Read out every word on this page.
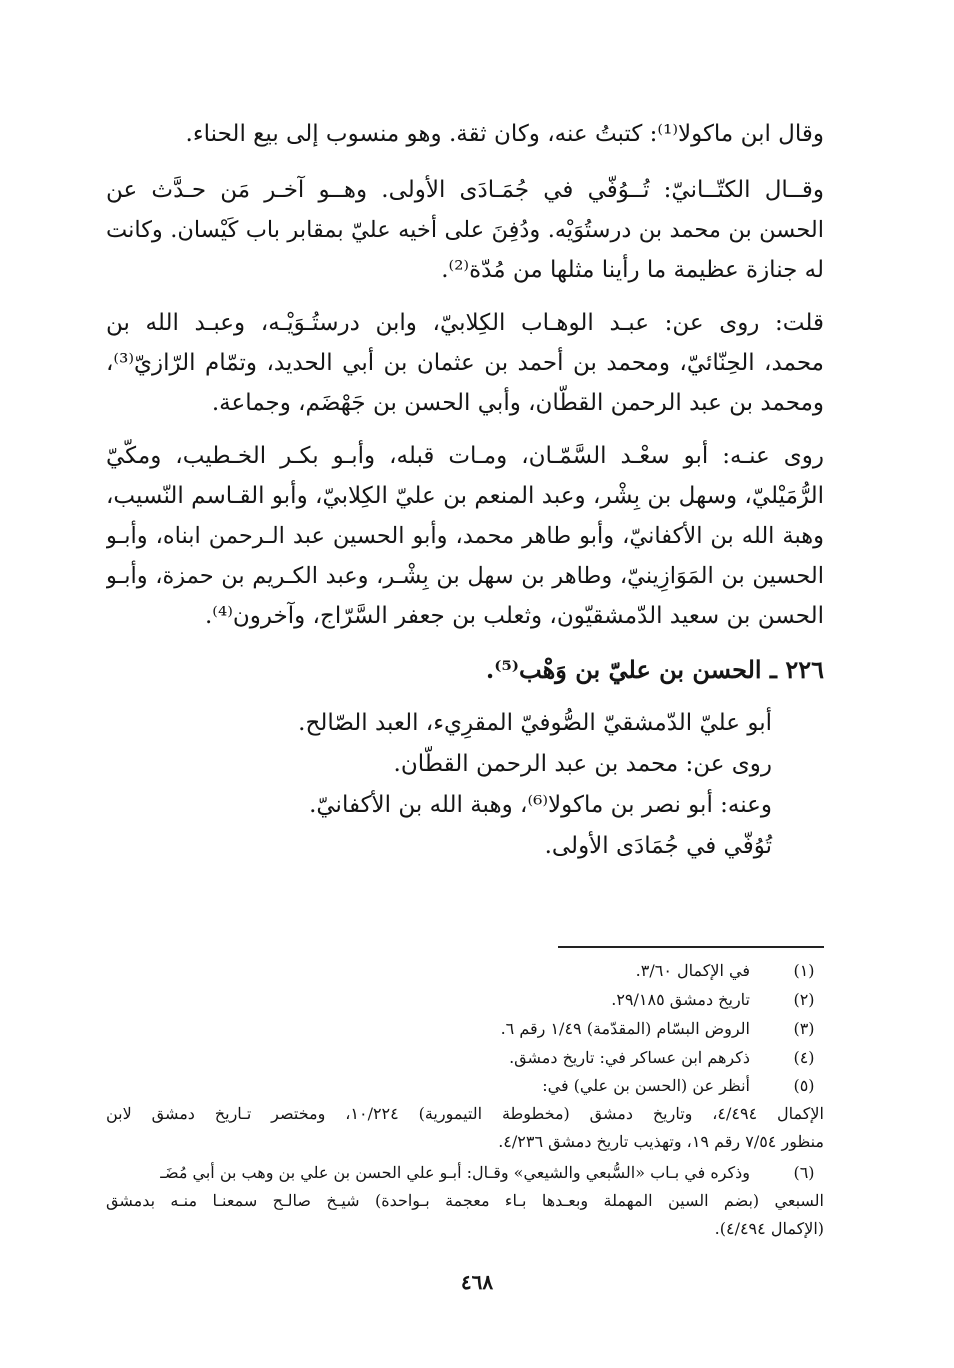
وقال ابن ماكولا⁽¹⁾: كتبتُ عنه، وكان ثقة. وهو منسوب إلى بيع الحناء.
وقــال الكتّــانيّ: تُــوُفّي في جُمَـادَى الأولى. وهــو آخـر مَن حـدَّث عن
الحسن بن محمد بن درستُوَيْه. ودُفِنَ على أخيه عليّ بمقابر باب كَيْسان. وكانت
له جنازة عظيمة ما رأينا مثلها من مُدّة⁽²⁾.
قلت: روى عن: عبـد الوهـاب الكِلابيّ، وابن درستُـوَيْـه، وعبـد الله بن
محمد، الحِنّائيّ، ومحمد بن أحمد بن عثمان بن أبي الحديد، وتمّام الرّازيّ⁽³⁾،
ومحمد بن عبد الرحمن القطّان، وأبي الحسن بن جَهْضَم، وجماعة.
روى عنـه: أبو سعْـد السَّمّـان، ومـات قبله، وأبـو بكـر الخـطيب، ومكّيّ
الرُّمَيْليّ، وسهل بن بِشْر، وعبد المنعم بن عليّ الكِلابيّ، وأبو القـاسم النّسيب،
وهبة الله بن الأكفانيّ، وأبو طاهر محمد، وأبو الحسين عبد الـرحمن ابناه، وأبـو
الحسين بن المَوَازِينيّ، وطاهر بن سهل بن بِشْـر، وعبد الكـريم بن حمزة، وأبـو
الحسن بن سعيد الدّمشقيّون، وثعلب بن جعفر السَّرّاج، وآخرون⁽⁴⁾.
٢٢٦ ـ الحسن بن عليّ بن وَهْب⁽⁵⁾.
أبو عليّ الدّمشقيّ الصُّوفيّ المقرِيء، العبد الصّالح.
روى عن: محمد بن عبد الرحمن القطّان.
وعنه: أبو نصر بن ماكولا⁽⁶⁾، وهبة الله بن الأكفانيّ.
تُوُفّي في جُمَادَى الأولى.
(١)
في الإكمال ٣/٦٠.
(٢)
تاريخ دمشق ٢٩/١٨٥.
(٣)
الروض البسّام (المقدّمة) ١/٤٩ رقم ٦.
(٤)
ذكرهم ابن عساكر في: تاريخ دمشق.
(٥)
أنظر عن (الحسن بن علي) في:
الإكمال ٤/٤٩٤، وتاريخ دمشق (مخطوطة التيمورية) ١٠/٢٢٤، ومختصر تـاريخ دمشق لابن
منظور ٧/٥٤ رقم ١٩، وتهذيب تاريخ دمشق ٤/٢٣٦.
(٦)
وذكره في بـاب «السُّبعي والشيعي» وقـال: أبـو علي الحسن بن علي بن وهب بن أبي مُضَـ
السبعي (بضم السين المهملة وبعـدها بـاء معجمة بـواحدة) شيـخ صالـح سمعنـا منـه بدمشق
(الإكمال ٤/٤٩٤).
٤٦٨
